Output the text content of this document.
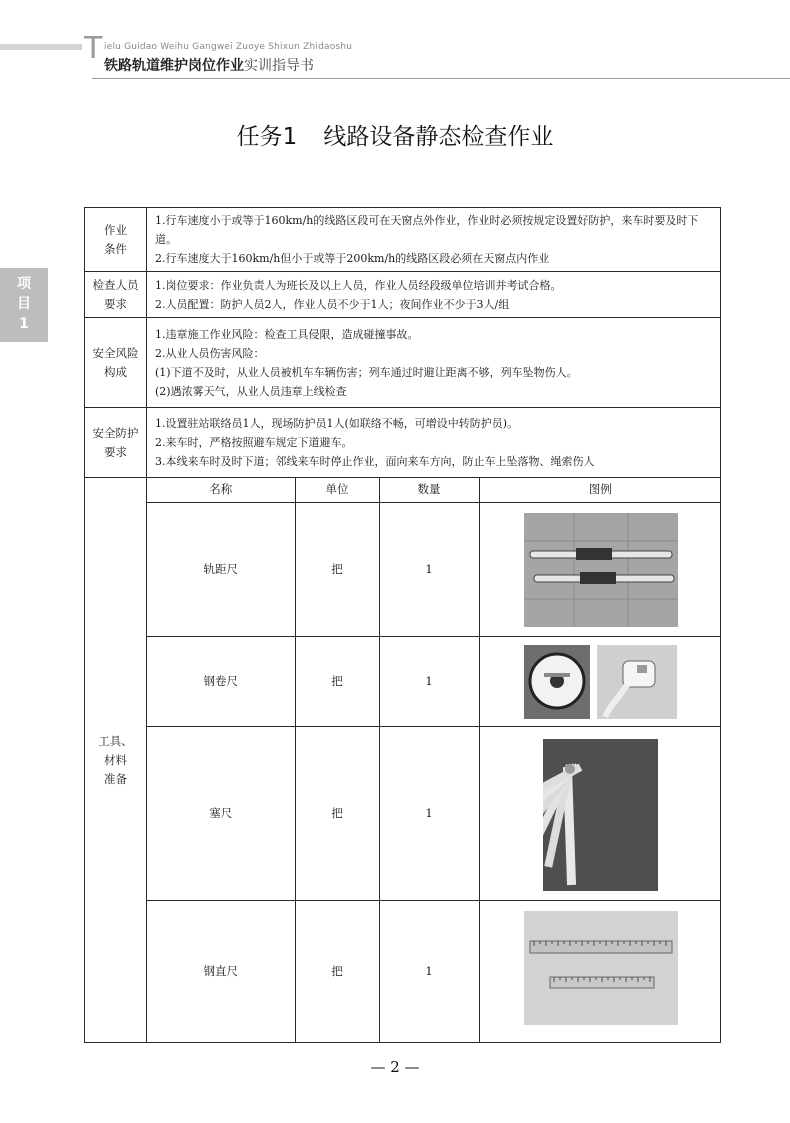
T ielu Guidao Weihu Gangwei Zuoye Shixun Zhidaoshu
铁路轨道维护岗位作业实训指导书
项
目
1
任务1 线路设备静态检查作业
作业
条件

1.行车速度小于或等于160km/h的线路区段可在天窗点外作业，作业时必须按规定设置好防护，来车时要及时下道。
2.行车速度大于160km/h但小于或等于200km/h的线路区段必须在天窗点内作业

检查人员
要求

1.岗位要求：作业负责人为班长及以上人员，作业人员经段级单位培训并考试合格。
2.人员配置：防护人员2人，作业人员不少于1人；夜间作业不少于3人/组

安全风险
构成

1.违章施工作业风险：检查工具侵限，造成碰撞事故。
2.从业人员伤害风险：
(1)下道不及时，从业人员被机车车辆伤害；列车通过时避让距离不够，列车坠物伤人。
(2)遇浓雾天气，从业人员违章上线检查

安全防护
要求

1.设置驻站联络员1人，现场防护员1人(如联络不畅，可增设中转防护员)。
2.来车时，严格按照避车规定下道避车。
3.本线来车时及时下道；邻线来车时停止作业，面向来车方向，防止车上坠落物、绳索伤人

工具、
材料
准备

名称	单位	数量	图例
轨距尺	把	1	

钢卷尺	把	1	

塞尺	把	1	

钢直尺	把	1	
— 2 —
